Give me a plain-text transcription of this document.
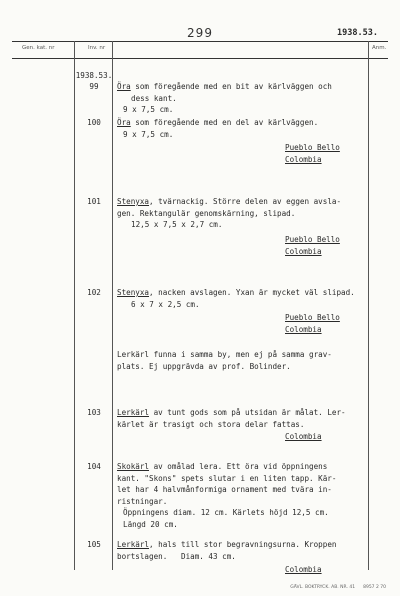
299	1938.53.
Gen. kat. nr	Inv. nr	Anm.
1938.53.
99	Öra som föregående med en bit av kärlväggen och
dess kant.
9 x 7,5 cm.
100	Öra som föregående med en del av kärlväggen.
9 x 7,5 cm.
Pueblo Bello
Colombia
101	Stenyxa, tvärnackig. Större delen av eggen avsla-
gen. Rektangulär genomskärning, slipad.
12,5 x 7,5 x 2,7 cm.
Pueblo Bello
Colombia
102	Stenyxa, nacken avslagen. Yxan är mycket väl slipad.
6 x 7 x 2,5 cm.
Pueblo Bello
Colombia
Lerkärl funna i samma by, men ej på samma grav-
plats. Ej uppgrävda av prof. Bolinder.
103	Lerkärl av tunt gods som på utsidan är målat. Ler-
kärlet är trasigt och stora delar fattas.
Colombia
104	Skokärl av omålad lera. Ett öra vid öppningens
kant. "Skons" spets slutar i en liten tapp. Kär-
let har 4 halvmånformiga ornament med tvära in-
ristningar.
Öppningens diam. 12 cm. Kärlets höjd 12,5 cm.
Längd 20 cm.
105	Lerkärl, hals till stor begravningsurna. Kroppen
bortslagen.   Diam. 43 cm.
Colombia
GÄVL. BOKTRYCK. AB. NR. 41 8957 2 70
